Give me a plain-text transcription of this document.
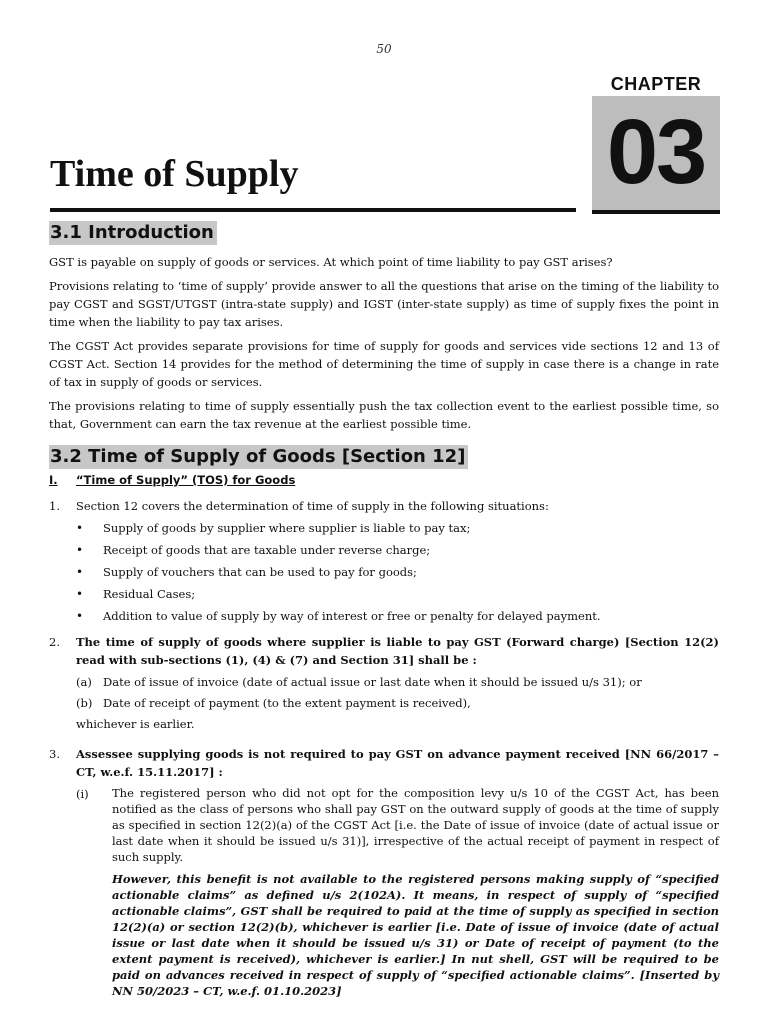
50
CHAPTER
03
Time of Supply
3.1 Introduction

GST is payable on supply of goods or services. At which point of time liability to pay GST arises?

Provisions relating to ‘time of supply’ provide answer to all the questions that arise on the timing of the liability to pay CGST and SGST/UTGST (intra-state supply) and IGST (inter-state supply) as time of supply fixes the point in time when the liability to pay tax arises.

The CGST Act provides separate provisions for time of supply for goods and services vide sections 12 and 13 of CGST Act. Section 14 provides for the method of determining the time of supply in case there is a change in rate of tax in supply of goods or services.

The provisions relating to time of supply essentially push the tax collection event to the earliest possible time, so that, Government can earn the tax revenue at the earliest possible time.

3.2 Time of Supply of Goods [Section 12]
I.	“Time of Supply” (TOS) for Goods
1.	Section 12 covers the determination of time of supply in the following situations:
•	Supply of goods by supplier where supplier is liable to pay tax;
•	Receipt of goods that are taxable under reverse charge;
•	Supply of vouchers that can be used to pay for goods;
•	Residual Cases;
•	Addition to value of supply by way of interest or free or penalty for delayed payment.
2.	The time of supply of goods where supplier is liable to pay GST (Forward charge) [Section 12(2) read with sub-sections (1), (4) & (7) and Section 31] shall be :
(a) Date of issue of invoice (date of actual issue or last date when it should be issued u/s 31); or
(b) Date of receipt of payment (to the extent payment is received),
whichever is earlier.
3.	Assessee supplying goods is not required to pay GST on advance payment received [NN 66/2017 – CT, w.e.f. 15.11.2017] :
(i)	The registered person who did not opt for the composition levy u/s 10 of the CGST Act, has been notified as the class of persons who shall pay GST on the outward supply of goods at the time of supply as specified in section 12(2)(a) of the CGST Act [i.e. the Date of issue of invoice (date of actual issue or last date when it should be issued u/s 31)], irrespective of the actual receipt of payment in respect of such supply.

However, this benefit is not available to the registered persons making supply of “specified actionable claims” as defined u/s 2(102A). It means, in respect of supply of “specified actionable claims”, GST shall be required to paid at the time of supply as specified in section 12(2)(a) or section 12(2)(b), whichever is earlier [i.e. Date of issue of invoice (date of actual issue or last date when it should be issued u/s 31) or Date of receipt of payment (to the extent payment is received), whichever is earlier.] In nut shell, GST will be required to be paid on advances received in respect of supply of “specified actionable claims”. [Inserted by NN 50/2023 – CT, w.e.f. 01.10.2023]
